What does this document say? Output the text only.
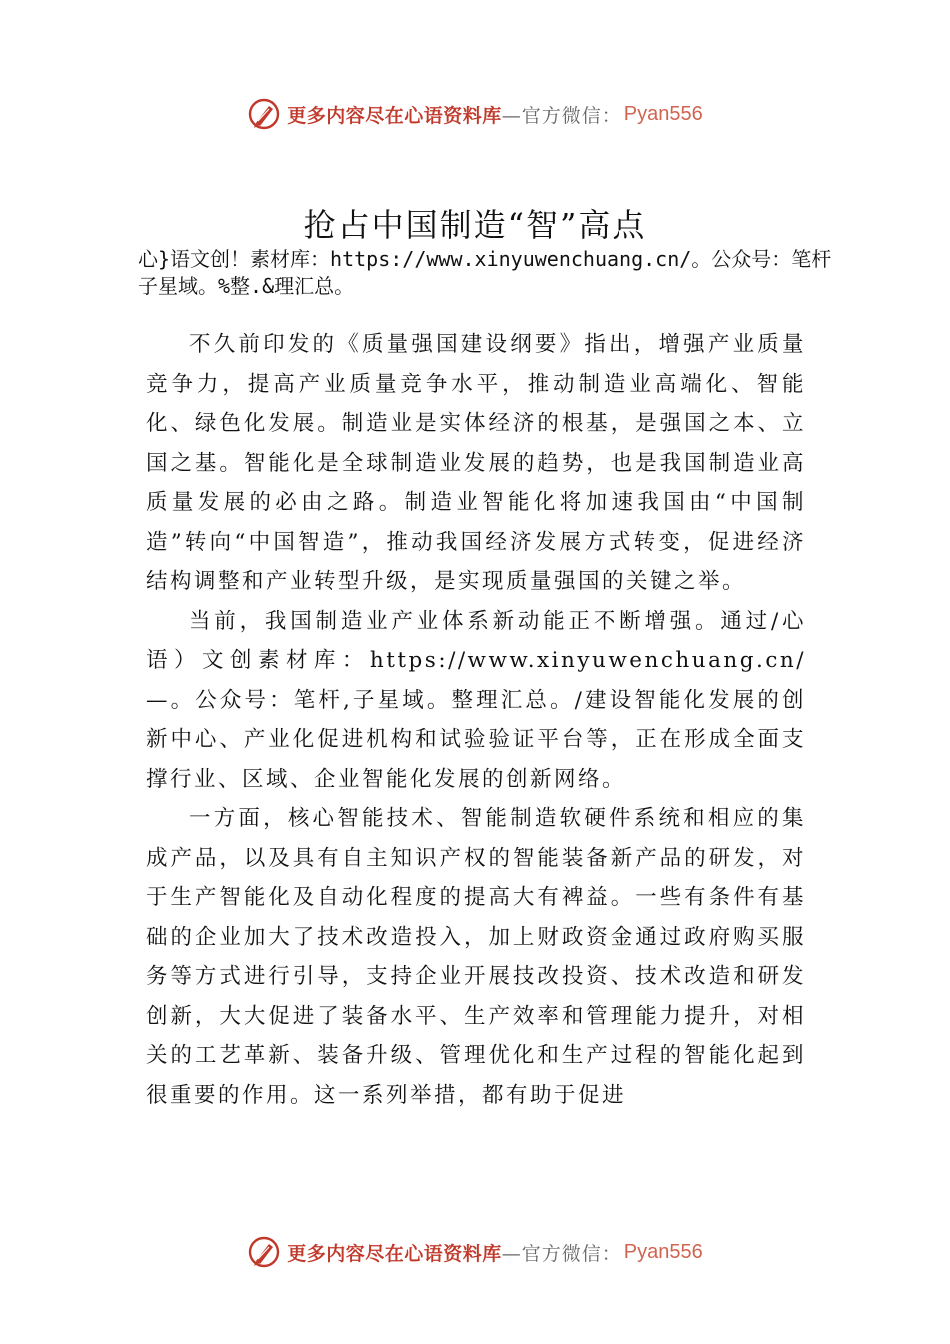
更多内容尽在心语资料库 —官方微信： Pyan556
抢占中国制造“智”高点

心}语文创！素材库：https://www.xinyuwenchuang.cn/。公众号：笔杆子星域。%整.&理汇总。

不久前印发的《质量强国建设纲要》指出，增强产业质量竞争力，提高产业质量竞争水平，推动制造业高端化、智能化、绿色化发展。制造业是实体经济的根基，是强国之本、立国之基。智能化是全球制造业发展的趋势，也是我国制造业高质量发展的必由之路。制造业智能化将加速我国由“中国制造”转向“中国智造”，推动我国经济发展方式转变，促进经济结构调整和产业转型升级，是实现质量强国的关键之举。

当前，我国制造业产业体系新动能正不断增强。通过/心语）文创素材库：https://www.xinyuwenchuang.cn/—。公众号：笔杆,子星域。整理汇总。/建设智能化发展的创新中心、产业化促进机构和试验验证平台等，正在形成全面支撑行业、区域、企业智能化发展的创新网络。

一方面，核心智能技术、智能制造软硬件系统和相应的集成产品，以及具有自主知识产权的智能装备新产品的研发，对于生产智能化及自动化程度的提高大有裨益。一些有条件有基础的企业加大了技术改造投入，加上财政资金通过政府购买服务等方式进行引导，支持企业开展技改投资、技术改造和研发创新，大大促进了装备水平、生产效率和管理能力提升，对相关的工艺革新、装备升级、管理优化和生产过程的智能化起到很重要的作用。这一系列举措，都有助于促进

更多内容尽在心语资料库 —官方微信： Pyan556
